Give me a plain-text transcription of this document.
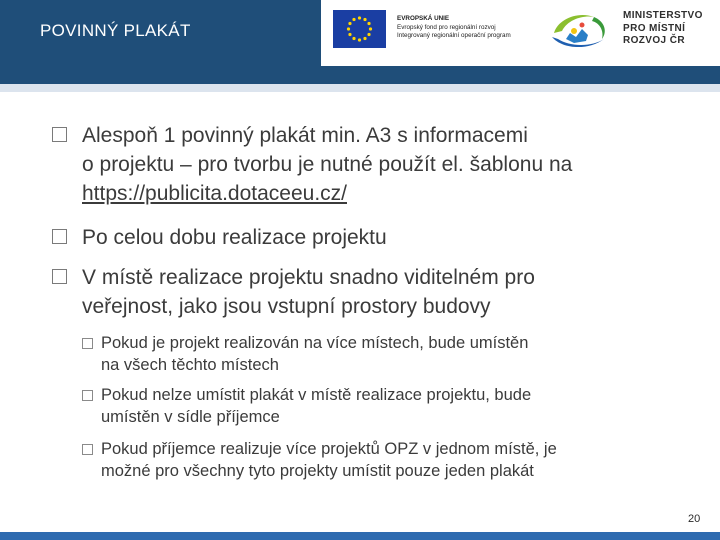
POVINNÝ PLAKÁT
EVROPSKÁ UNIE
Evropský fond pro regionální rozvoj
Integrovaný regionální operační program
MINISTERSTVO
PRO MÍSTNÍ
ROZVOJ ČR
Alespoň 1 povinný plakát min. A3 s informacemi
o projektu – pro tvorbu je nutné použít el. šablonu na
https://publicita.dotaceeu.cz/
Po celou dobu realizace projektu
V místě realizace projektu snadno viditelném pro
veřejnost, jako jsou vstupní prostory budovy
Pokud je projekt realizován na více místech, bude umístěn
na všech těchto místech
Pokud nelze umístit plakát v místě realizace projektu, bude
umístěn v sídle příjemce
Pokud příjemce realizuje více projektů OPZ v jednom místě, je
možné pro všechny tyto projekty umístit pouze jeden plakát
20
